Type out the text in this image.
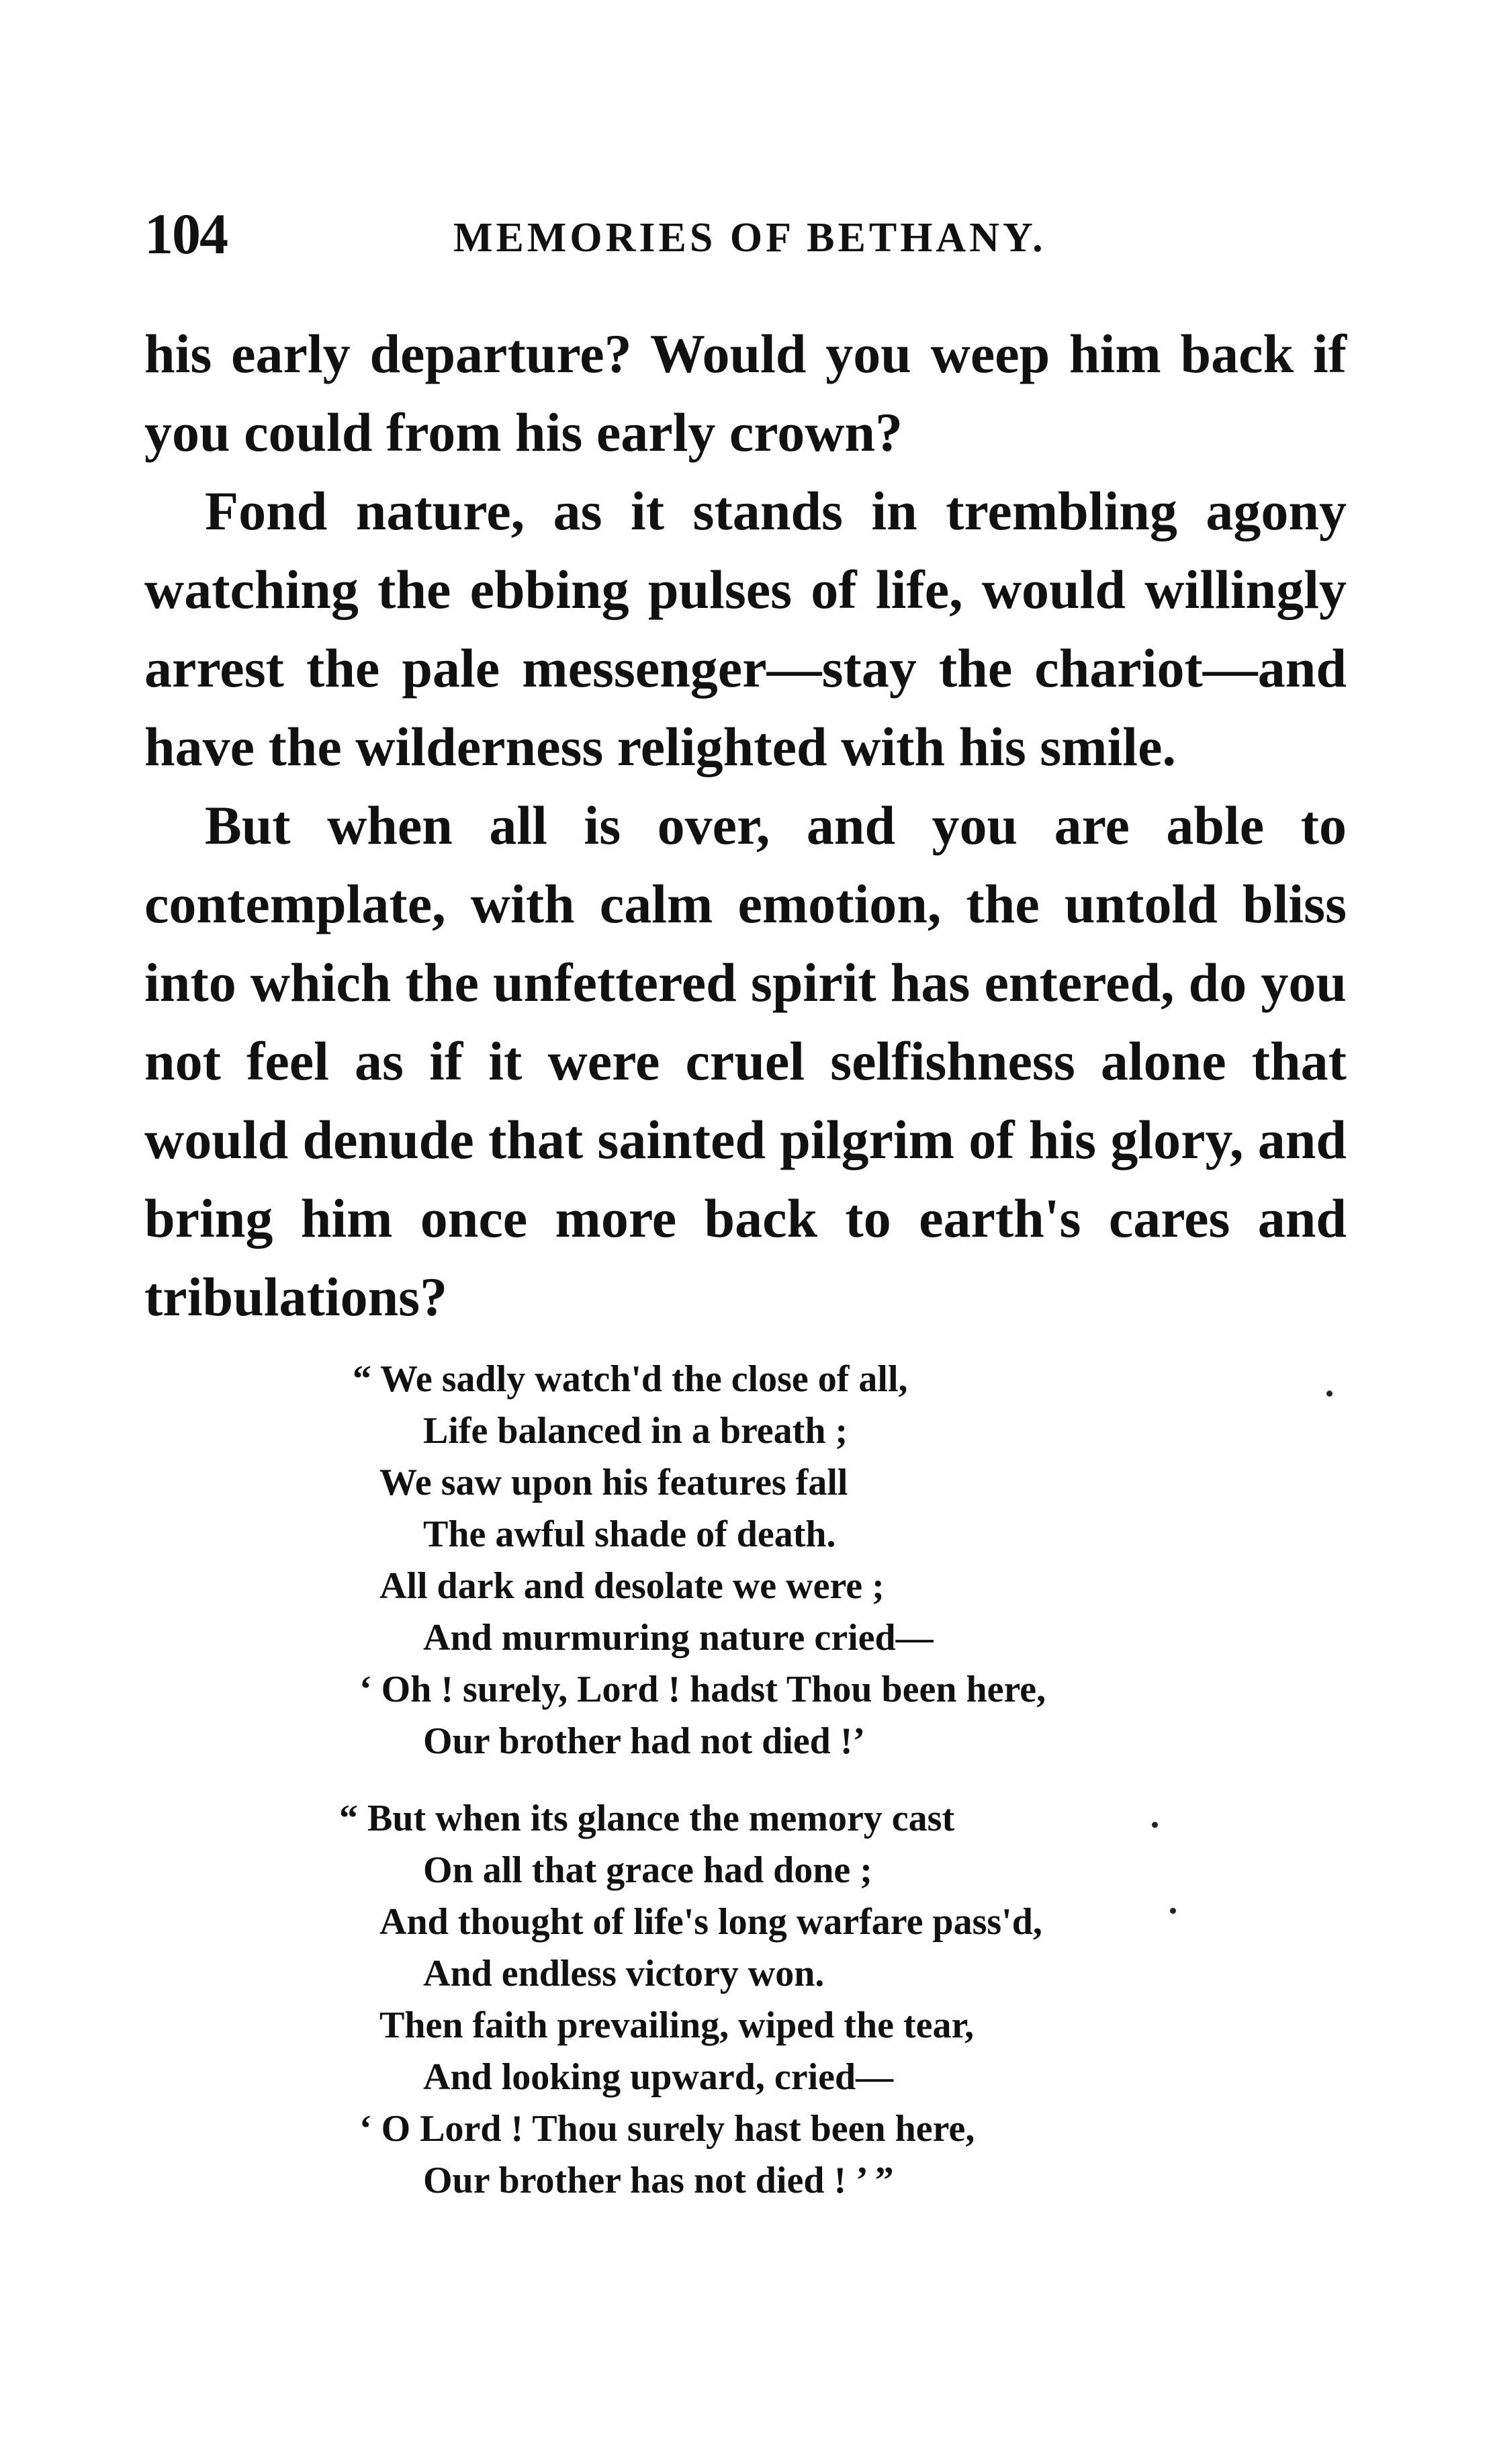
104	MEMORIES OF BETHANY.

his early departure? Would you weep him back if you could from his early crown?

Fond nature, as it stands in trembling agony watching the ebbing pulses of life, would willingly arrest the pale messenger—stay the chariot—and have the wilderness relighted with his smile.

But when all is over, and you are able to contemplate, with calm emotion, the untold bliss into which the unfettered spirit has entered, do you not feel as if it were cruel selfishness alone that would denude that sainted pilgrim of his glory, and bring him once more back to earth's cares and tribulations?

“ We sadly watch'd the close of all,
Life balanced in a breath ;
We saw upon his features fall
The awful shade of death.
All dark and desolate we were ;
And murmuring nature cried—
‘ Oh ! surely, Lord ! hadst Thou been here,
Our brother had not died !’
“ But when its glance the memory cast
On all that grace had done ;
And thought of life's long warfare pass'd,
And endless victory won.
Then faith prevailing, wiped the tear,
And looking upward, cried—
‘ O Lord ! Thou surely hast been here,
Our brother has not died ! ’ ”
